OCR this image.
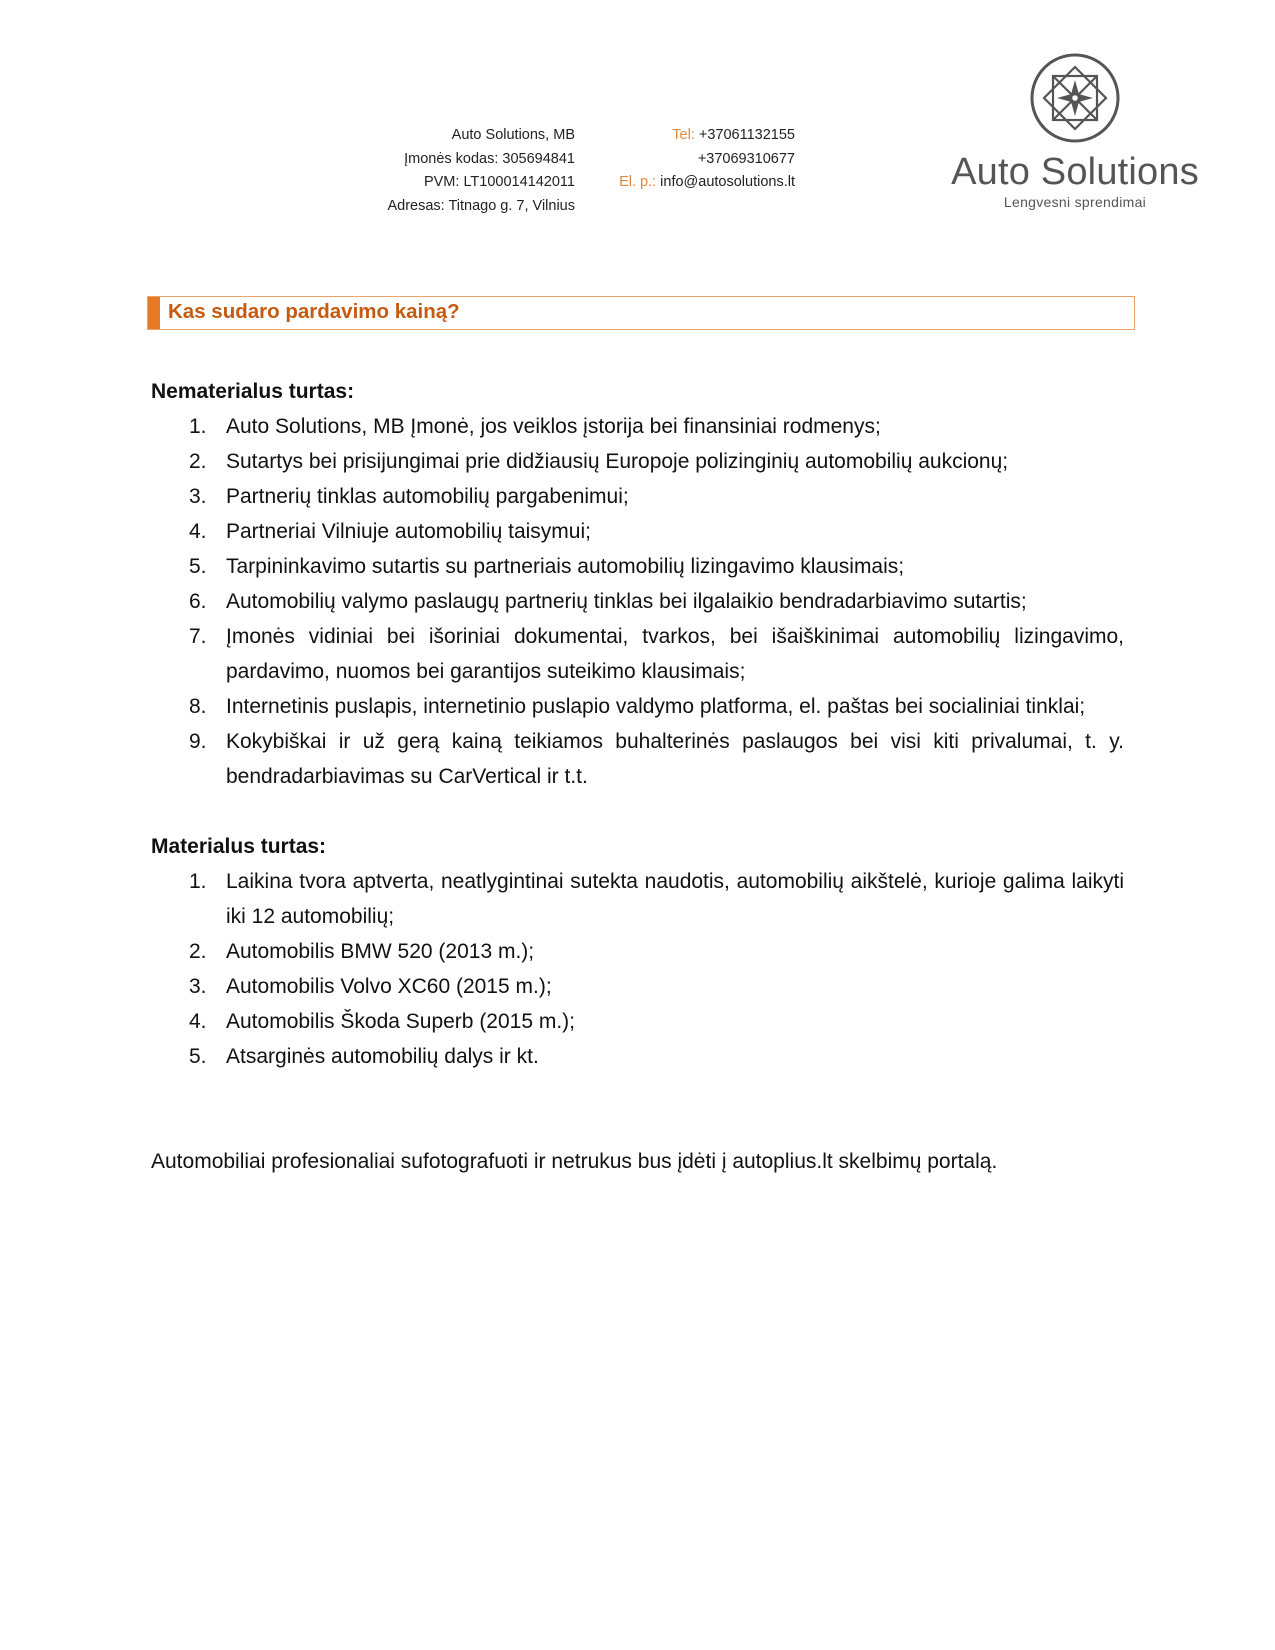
Auto Solutions, MB
Įmonės kodas: 305694841
PVM: LT100014142011
Adresas: Titnago g. 7, Vilnius
Tel: +37061132155
+37069310677
El. p.: info@autosolutions.lt	Auto Solutions
Lengvesni sprendimai
Kas sudaro pardavimo kainą?

Nematerialus turtas:

1. Auto Solutions, MB Įmonė, jos veiklos įstorija bei finansiniai rodmenys;
2. Sutartys bei prisijungimai prie didžiausių Europoje polizinginių automobilių aukcionų;
3. Partnerių tinklas automobilių pargabenimui;
4. Partneriai Vilniuje automobilių taisymui;
5. Tarpininkavimo sutartis su partneriais automobilių lizingavimo klausimais;
6. Automobilių valymo paslaugų partnerių tinklas bei ilgalaikio bendradarbiavimo sutartis;
7. Įmonės vidiniai bei išoriniai dokumentai, tvarkos, bei išaiškinimai automobilių lizingavimo, pardavimo, nuomos bei garantijos suteikimo klausimais;
8. Internetinis puslapis, internetinio puslapio valdymo platforma, el. paštas bei socialiniai tinklai;
9. Kokybiškai ir už gerą kainą teikiamos buhalterinės paslaugos bei visi kiti privalumai, t. y. bendradarbiavimas su CarVertical ir t.t.

Materialus turtas:

1. Laikina tvora aptverta, neatlygintinai sutekta naudotis, automobilių aikštelė, kurioje galima laikyti iki 12 automobilių;
2. Automobilis BMW 520 (2013 m.);
3. Automobilis Volvo XC60 (2015 m.);
4. Automobilis Škoda Superb (2015 m.);
5. Atsarginės automobilių dalys ir kt.

Automobiliai profesionaliai sufotografuoti ir netrukus bus įdėti į autoplius.lt skelbimų portalą.
